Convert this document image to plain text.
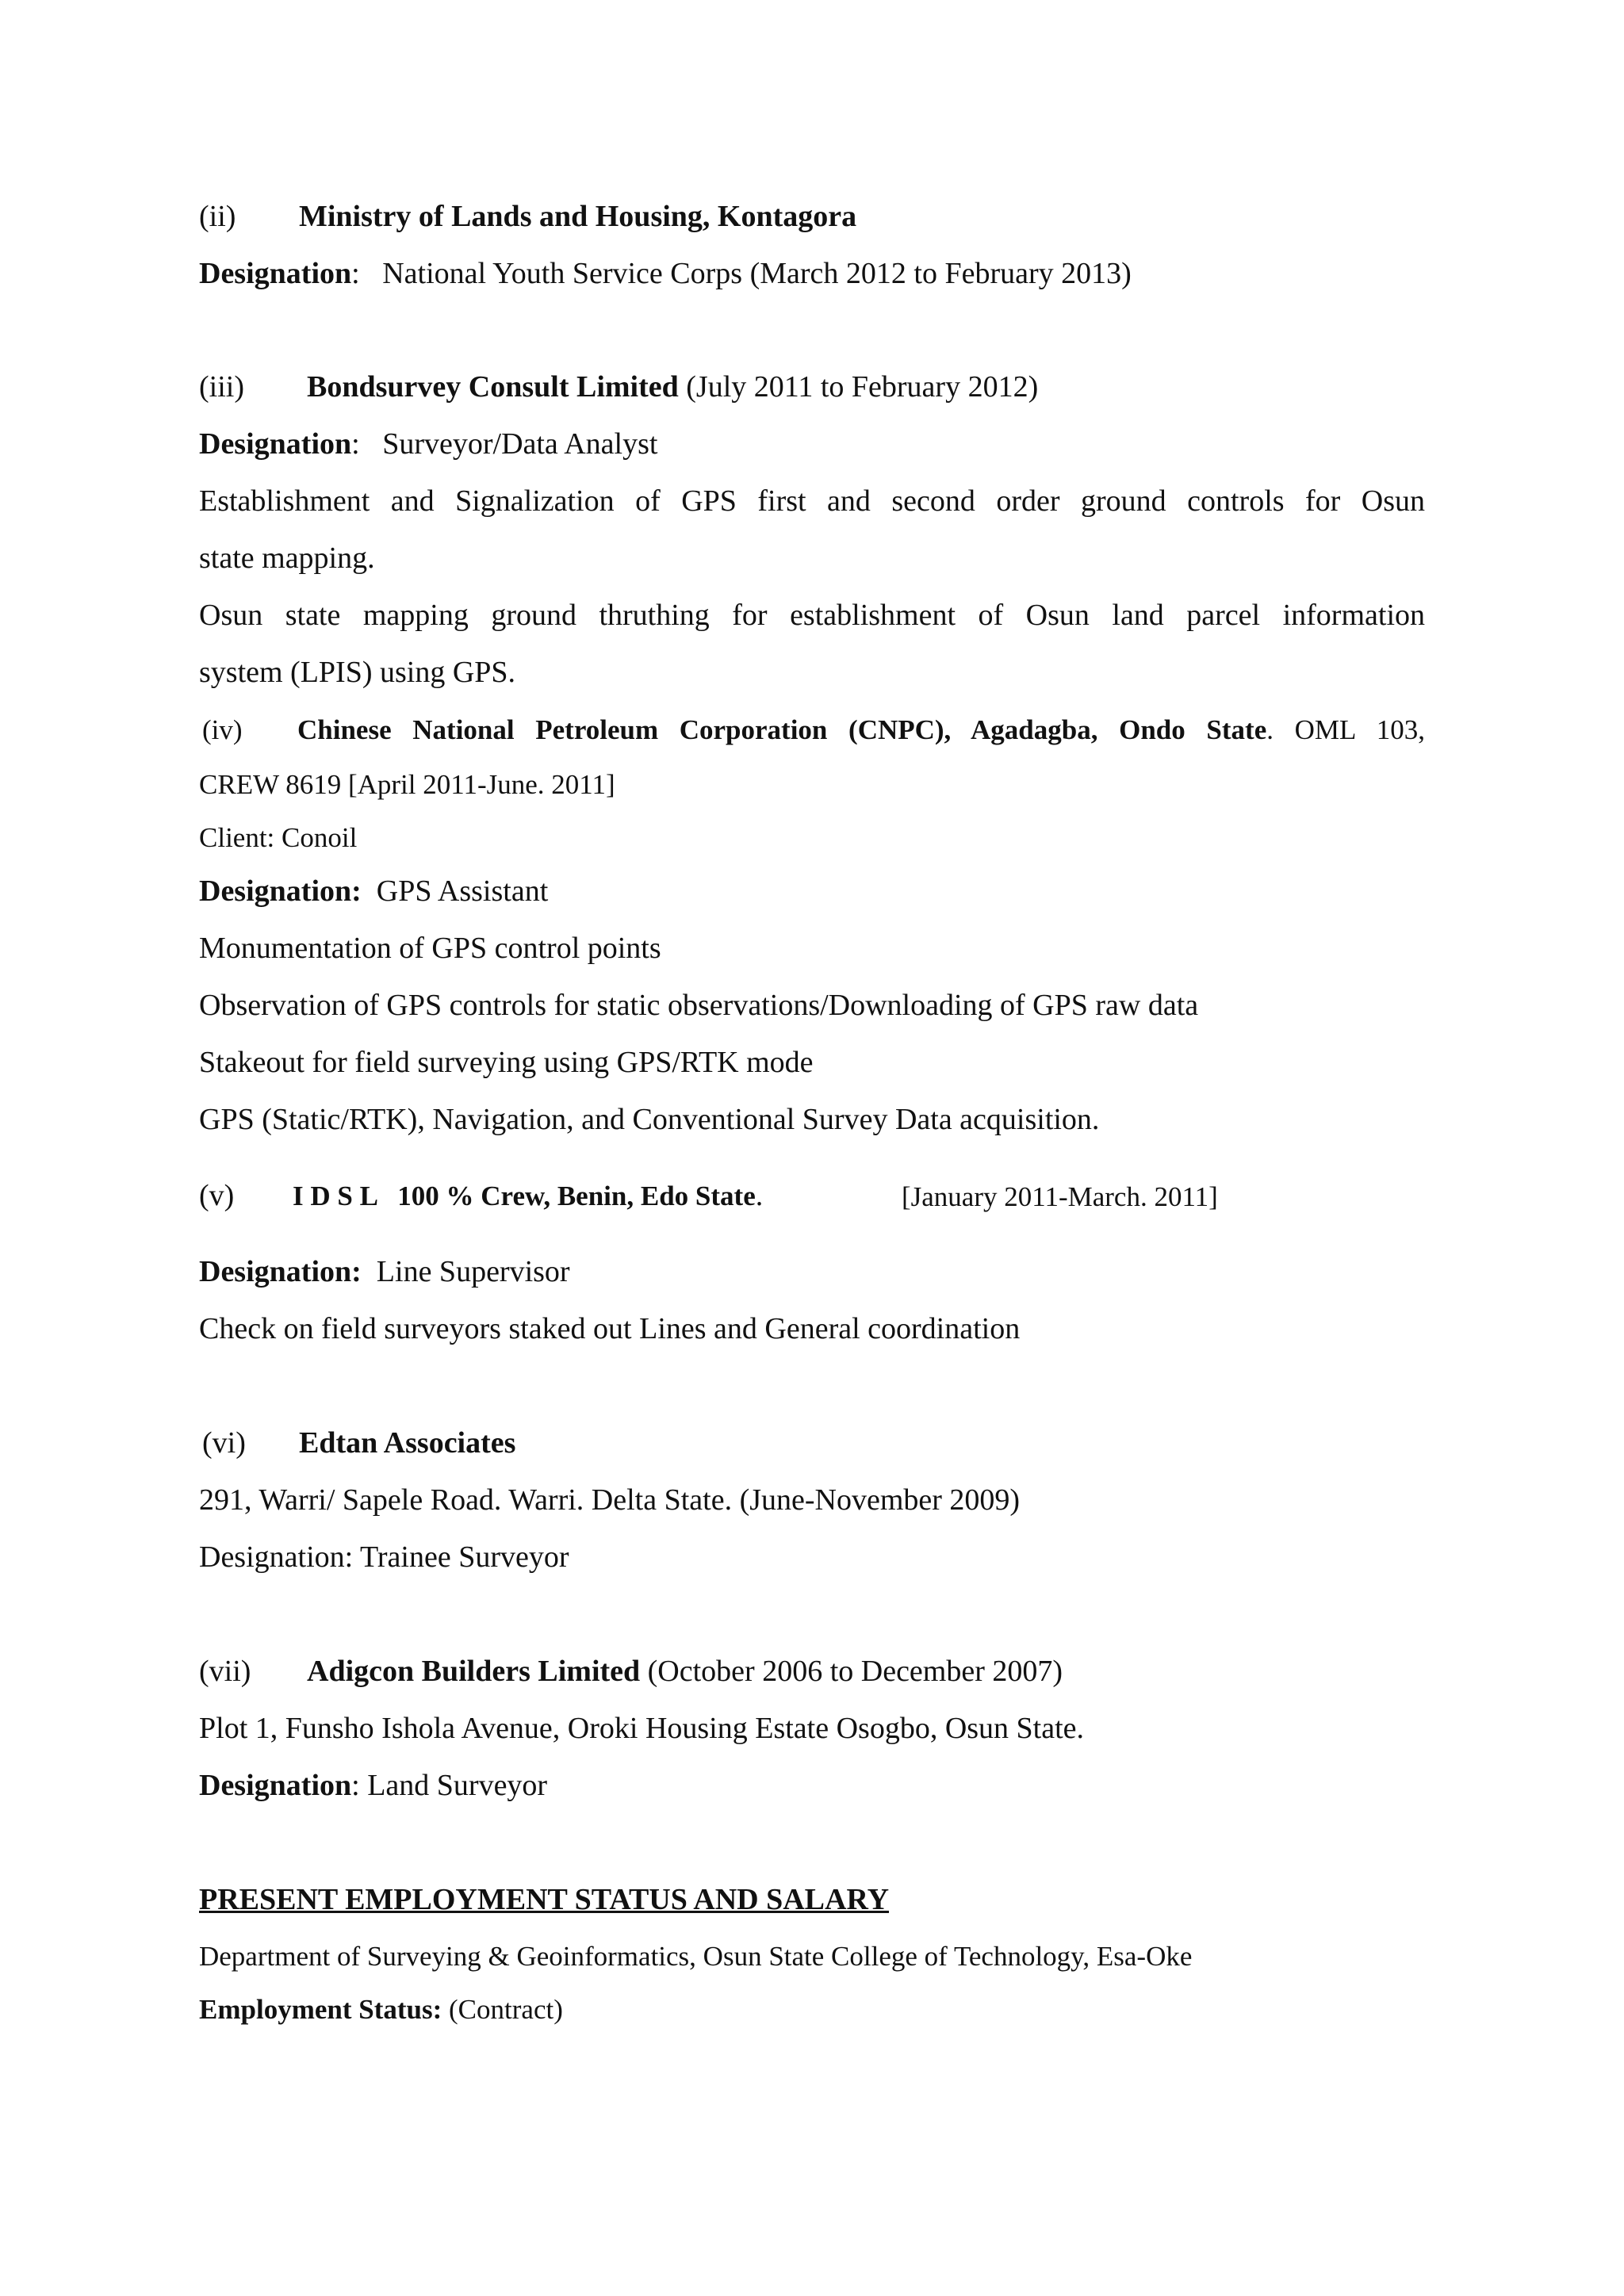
(ii) Ministry of Lands and Housing, Kontagora
Designation:   National Youth Service Corps (March 2012 to February 2013)
(iii) Bondsurvey Consult Limited (July 2011 to February 2012)
Designation:   Surveyor/Data Analyst
Establishment and Signalization of GPS first and second order ground controls for Osun
state mapping.
Osun state mapping ground thruthing for establishment of Osun land parcel information
system (LPIS) using GPS.
(iv) Chinese National Petroleum Corporation (CNPC), Agadagba, Ondo State. OML 103,
CREW 8619 [April 2011-June. 2011]
Client: Conoil
Designation: GPS Assistant
Monumentation of GPS control points
Observation of GPS controls for static observations/Downloading of GPS raw data
Stakeout for field surveying using GPS/RTK mode
GPS (Static/RTK), Navigation, and Conventional Survey Data acquisition.
(v) I D S L   100 % Crew, Benin, Edo State.	[January 2011-March. 2011]
Designation: Line Supervisor
Check on field surveyors staked out Lines and General coordination
(vi) Edtan Associates
291, Warri/ Sapele Road. Warri. Delta State. (June-November 2009)
Designation: Trainee Surveyor
(vii) Adigcon Builders Limited (October 2006 to December 2007)
Plot 1, Funsho Ishola Avenue, Oroki Housing Estate Osogbo, Osun State.
Designation: Land Surveyor
PRESENT EMPLOYMENT STATUS AND SALARY
Department of Surveying & Geoinformatics, Osun State College of Technology, Esa-Oke
Employment Status: (Contract)
